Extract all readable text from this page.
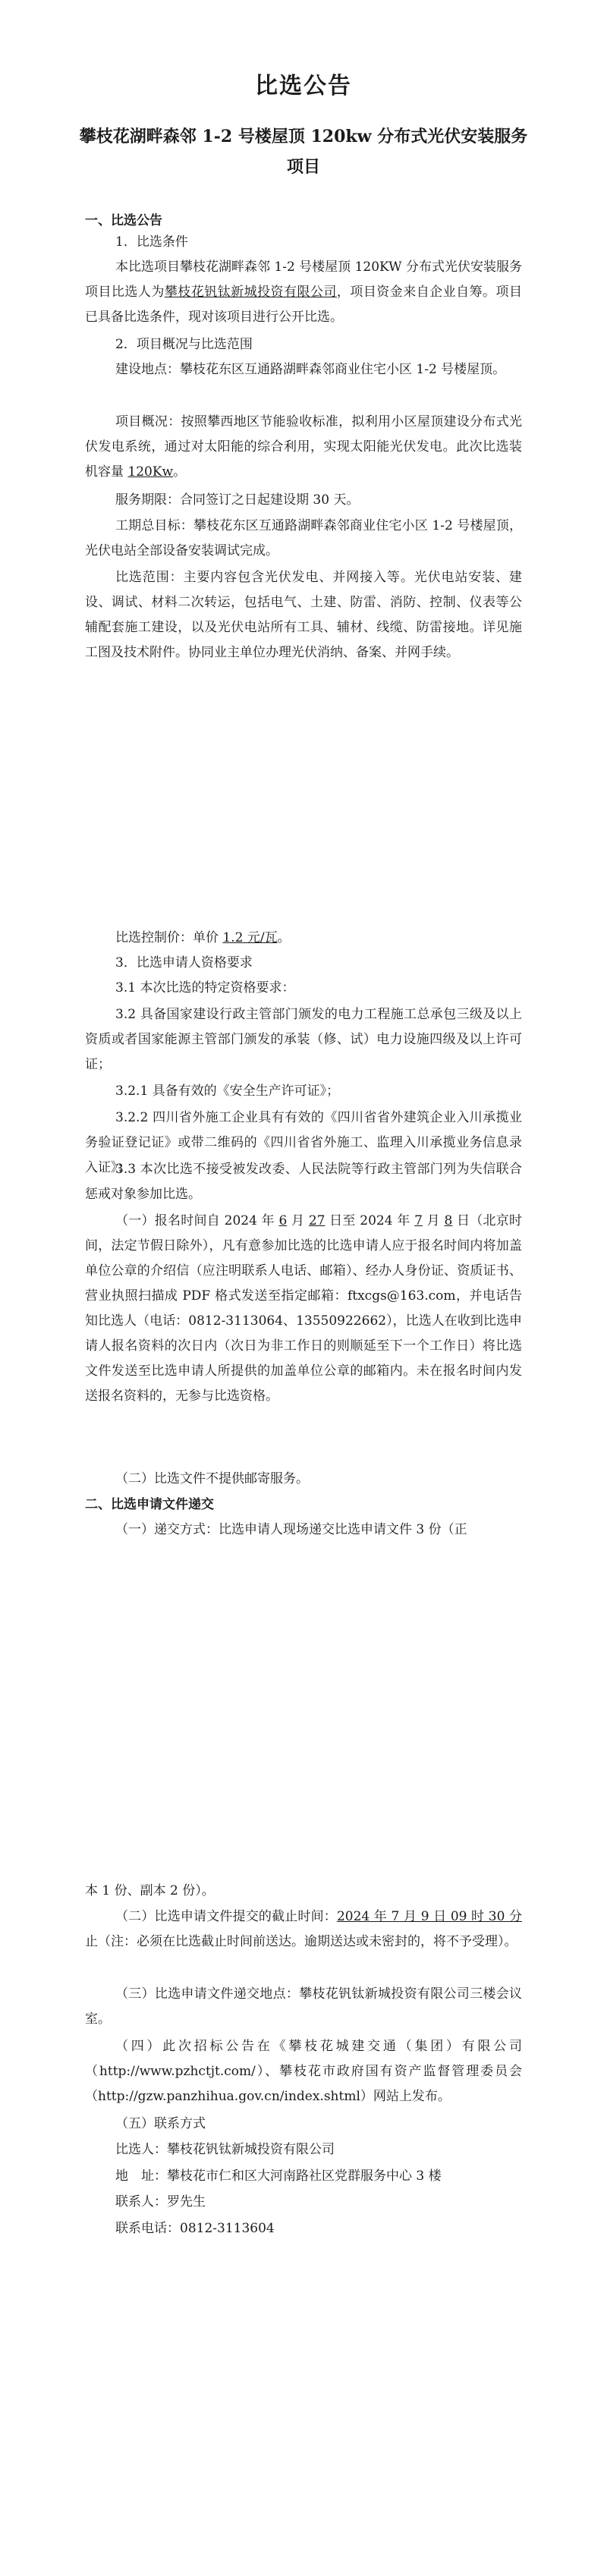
比选公告
攀枝花湖畔森邻 1-2 号楼屋顶 120kw 分布式光伏安装服务项目

一、比选公告

1．比选条件

本比选项目攀枝花湖畔森邻 1-2 号楼屋顶 120KW 分布式光伏安装服务项目比选人为攀枝花钒钛新城投资有限公司，项目资金来自企业自筹。项目已具备比选条件，现对该项目进行公开比选。

2．项目概况与比选范围

建设地点：攀枝花东区互通路湖畔森邻商业住宅小区 1-2 号楼屋顶。

项目概况：按照攀西地区节能验收标准，拟利用小区屋顶建设分布式光伏发电系统，通过对太阳能的综合利用，实现太阳能光伏发电。此次比选装机容量 120Kw。

服务期限：合同签订之日起建设期 30 天。

工期总目标：攀枝花东区互通路湖畔森邻商业住宅小区 1-2 号楼屋顶，光伏电站全部设备安装调试完成。

比选范围：主要内容包含光伏发电、并网接入等。光伏电站安装、建设、调试、材料二次转运，包括电气、土建、防雷、消防、控制、仪表等公辅配套施工建设，以及光伏电站所有工具、辅材、线缆、防雷接地。详见施工图及技术附件。协同业主单位办理光伏消纳、备案、并网手续。

比选控制价：单价 1.2 元/瓦。

3．比选申请人资格要求

3.1 本次比选的特定资格要求：

3.2 具备国家建设行政主管部门颁发的电力工程施工总承包三级及以上资质或者国家能源主管部门颁发的承装（修、试）电力设施四级及以上许可证；

3.2.1 具备有效的《安全生产许可证》；

3.2.2 四川省外施工企业具有有效的《四川省省外建筑企业入川承揽业务验证登记证》或带二维码的《四川省省外施工、监理入川承揽业务信息录入证》；

3.3 本次比选不接受被发改委、人民法院等行政主管部门列为失信联合惩戒对象参加比选。

（一）报名时间自 2024 年 6 月 27 日至 2024 年 7 月 8 日（北京时间，法定节假日除外），凡有意参加比选的比选申请人应于报名时间内将加盖单位公章的介绍信（应注明联系人电话、邮箱）、经办人身份证、资质证书、营业执照扫描成 PDF 格式发送至指定邮箱：ftxcgs@163.com，并电话告知比选人（电话：0812-3113064、13550922662），比选人在收到比选申请人报名资料的次日内（次日为非工作日的则顺延至下一个工作日）将比选文件发送至比选申请人所提供的加盖单位公章的邮箱内。未在报名时间内发送报名资料的，无参与比选资格。

（二）比选文件不提供邮寄服务。

二、比选申请文件递交

（一）递交方式：比选申请人现场递交比选申请文件 3 份（正

本 1 份、副本 2 份）。

（二）比选申请文件提交的截止时间：2024 年 7 月 9 日 09 时 30 分止（注：必须在比选截止时间前送达。逾期送达或未密封的，将不予受理）。

（三）比选申请文件递交地点：攀枝花钒钛新城投资有限公司三楼会议室。

（四）此次招标公告在《攀枝花城建交通（集团）有限公司（http://www.pzhctjt.com/）、攀枝花市政府国有资产监督管理委员会（http://gzw.panzhihua.gov.cn/index.shtml）网站上发布。

（五）联系方式

比选人：攀枝花钒钛新城投资有限公司

地　址：攀枝花市仁和区大河南路社区党群服务中心 3 楼

联系人：罗先生

联系电话：0812-3113604
